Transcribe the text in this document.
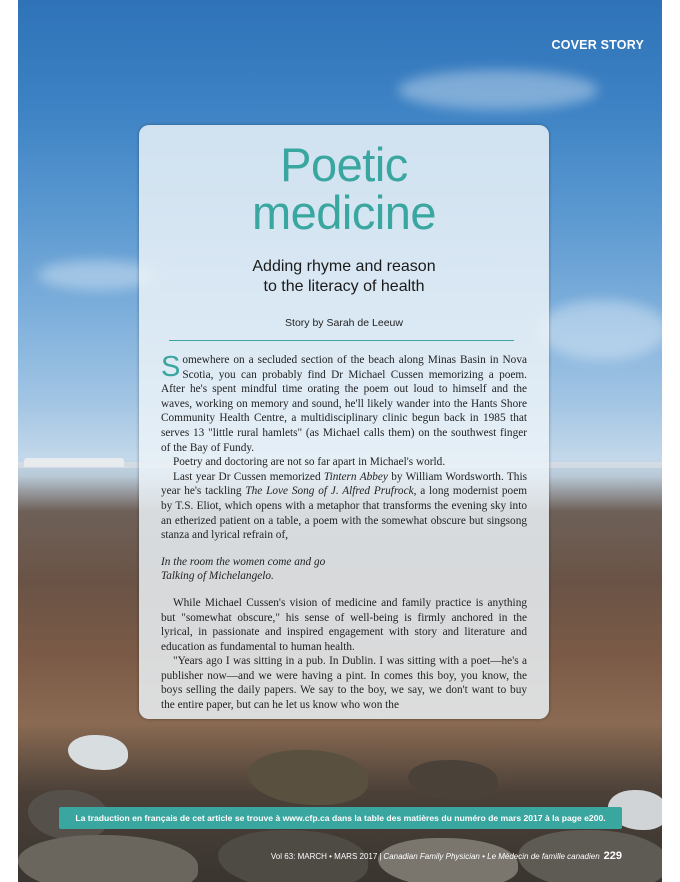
COVER STORY
Poetic
medicine
Adding rhyme and reason
to the literacy of health
Story by Sarah de Leeuw

Somewhere on a secluded section of the beach along Minas Basin in Nova Scotia, you can probably find Dr Michael Cussen memorizing a poem. After he's spent mindful time orating the poem out loud to himself and the waves, working on memory and sound, he'll likely wander into the Hants Shore Community Health Centre, a multidisciplinary clinic begun back in 1985 that serves 13 "little rural hamlets" (as Michael calls them) on the southwest finger of the Bay of Fundy.

Poetry and doctoring are not so far apart in Michael's world.

Last year Dr Cussen memorized Tintern Abbey by William Wordsworth. This year he's tackling The Love Song of J. Alfred Prufrock, a long modernist poem by T.S. Eliot, which opens with a metaphor that transforms the evening sky into an etherized patient on a table, a poem with the somewhat obscure but singsong stanza and lyrical refrain of,

In the room the women come and go
Talking of Michelangelo.

While Michael Cussen's vision of medicine and family practice is anything but "somewhat obscure," his sense of well-being is firmly anchored in the lyrical, in passionate and inspired engagement with story and literature and education as fundamental to human health.

"Years ago I was sitting in a pub. In Dublin. I was sitting with a poet—he's a publisher now—and we were having a pint. In comes this boy, you know, the boys selling the daily papers. We say to the boy, we say, we don't want to buy the entire paper, but can he let us know who won the

Vol 63: MARCH • MARS 2017 | Canadian Family Physician • Le Médecin de famille canadien 229
La traduction en français de cet article se trouve à www.cfp.ca dans la table des matières du numéro de mars 2017 à la page e200.
